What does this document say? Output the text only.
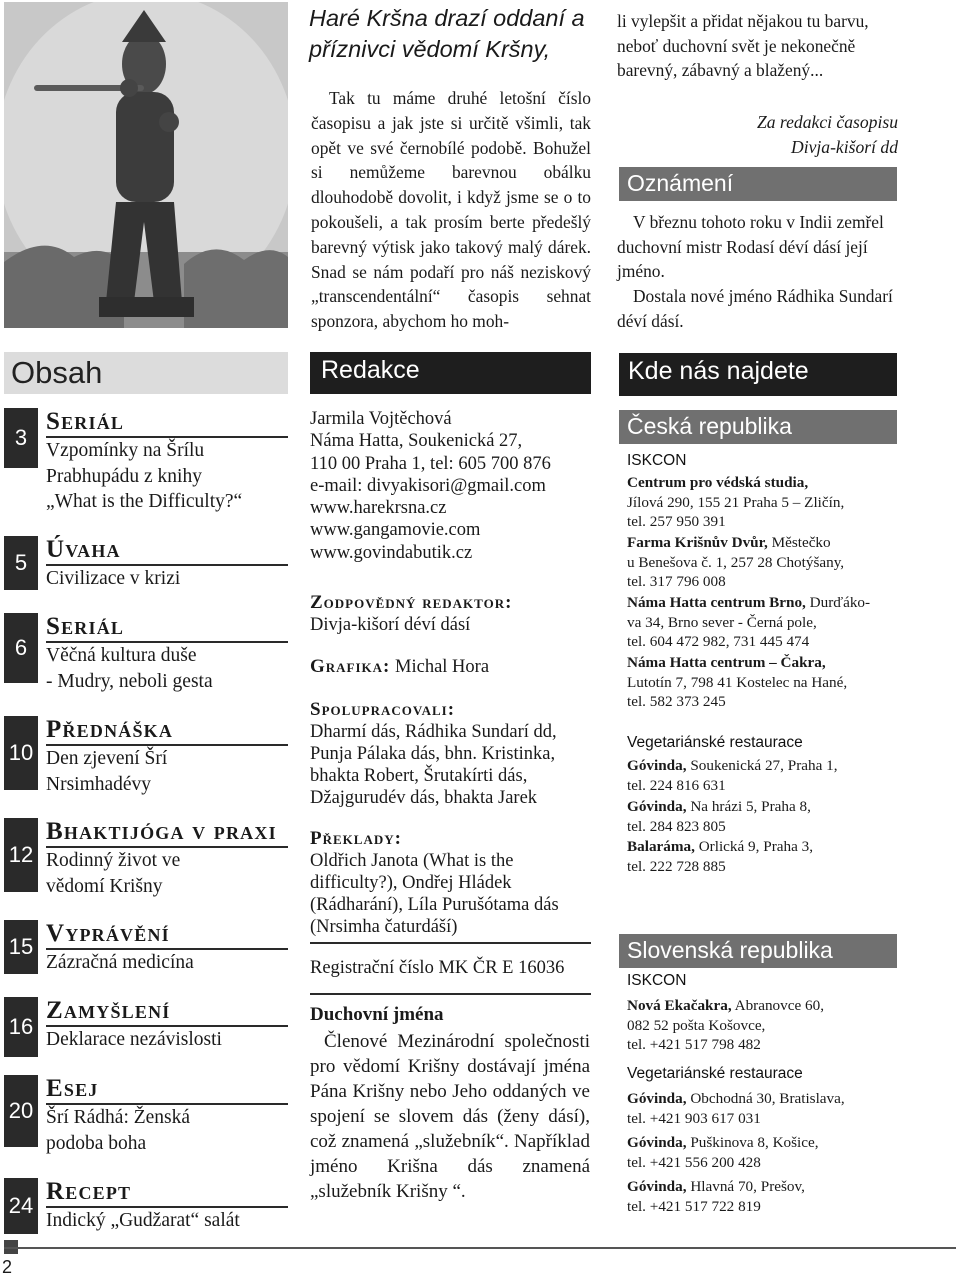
Obsah
3
Seriál
Vzpomínky na Šrílu
Prabhupádu z knihy
„What is the Difficulty?“
5 Úvaha
Civilizace v krizi
6
Seriál
Věčná kultura duše
- Mudry, neboli gesta
10
Přednáška
Den zjevení Šrí
Nrsimhadévy
12
Bhaktijóga v praxi
Rodinný život ve
vědomí Krišny
15 Vyprávění
Zázračná medicína
16
Zamyšlení
Deklarace nezávislosti
20
Esej
Šrí Rádhá: Ženská
podoba boha
24
Recept
Indický „Gudžarat“ salát
2
Haré Kršna drazí oddaní a příznivci vědomí Kršny,
Tak tu máme druhé letošní číslo časopisu a jak jste si určitě všimli, tak opět ve své černobílé podobě. Bohužel si nemůžeme barevnou obálku dlouhodobě dovolit, i když jsme se o to pokoušeli, a tak prosím berte předešlý barevný výtisk jako takový malý dárek. Snad se nám podaří pro náš neziskový „transcendentální“ časopis sehnat sponzora, abychom ho moh-
Redakce
Jarmila Vojtěchová
Náma Hatta, Soukenická 27,
110 00 Praha 1, tel: 605 700 876
e-mail: divyakisori@gmail.com
www.harekrsna.cz
www.gangamovie.com
www.govindabutik.cz
Zodpovědný redaktor:
Divja-kišorí déví dásí
Grafika: Michal Hora
Spolupracovali:
Dharmí dás, Rádhika Sundarí dd, Punja Pálaka dás, bhn. Kristinka, bhakta Robert, Šrutakírti dás, Džajgurudév dás, bhakta Jarek
Překlady:
Oldřich Janota (What is the difficulty?), Ondřej Hládek (Rádharání), Líla Purušótama dás (Nrsimha čaturdáší)
Registrační číslo MK ČR E 16036
Duchovní jména
Členové Mezinárodní společnosti pro vědomí Krišny dostávají jména Pána Krišny nebo Jeho oddaných ve spojení se slovem dás (ženy dásí), což znamená „služebník“. Například jméno Krišna dás znamená „služebník Krišny “.
li vylepšit a přidat nějakou tu barvu, neboť duchovní svět je nekonečně barevný, zábavný a blažený...
Za redakci časopisu
Divja-kišorí dd
Oznámení
V březnu tohoto roku v Indii zemřel duchovní mistr Rodasí déví dásí její jméno.
Dostala nové jméno Rádhika Sundarí déví dásí.
Kde nás najdete
Česká republika
ISKCON
Centrum pro védská studia,
Jílová 290, 155 21 Praha 5 – Zličín,
tel. 257 950 391
Farma Krišnův Dvůr, Městečko
u Benešova č. 1, 257 28 Chotýšany,
tel. 317 796 008
Náma Hatta centrum Brno, Durďáko-
va 34, Brno sever - Černá pole,
tel. 604 472 982, 731 445 474
Náma Hatta centrum – Čakra,
Lutotín 7, 798 41 Kostelec na Hané,
tel. 582 373 245
Vegetariánské restaurace
Góvinda, Soukenická 27, Praha 1,
tel. 224 816 631
Góvinda, Na hrázi 5, Praha 8,
tel. 284 823 805
Balaráma, Orlická 9, Praha 3,
tel. 222 728 885
Slovenská republika
ISKCON
Nová Ekačakra, Abranovce 60,
082 52 pošta Košovce,
tel. +421 517 798 482
Vegetariánské restaurace
Góvinda, Obchodná 30, Bratislava,
tel. +421 903 617 031
Góvinda, Puškinova 8, Košice,
tel. +421 556 200 428
Góvinda, Hlavná 70, Prešov,
tel. +421 517 722 819
